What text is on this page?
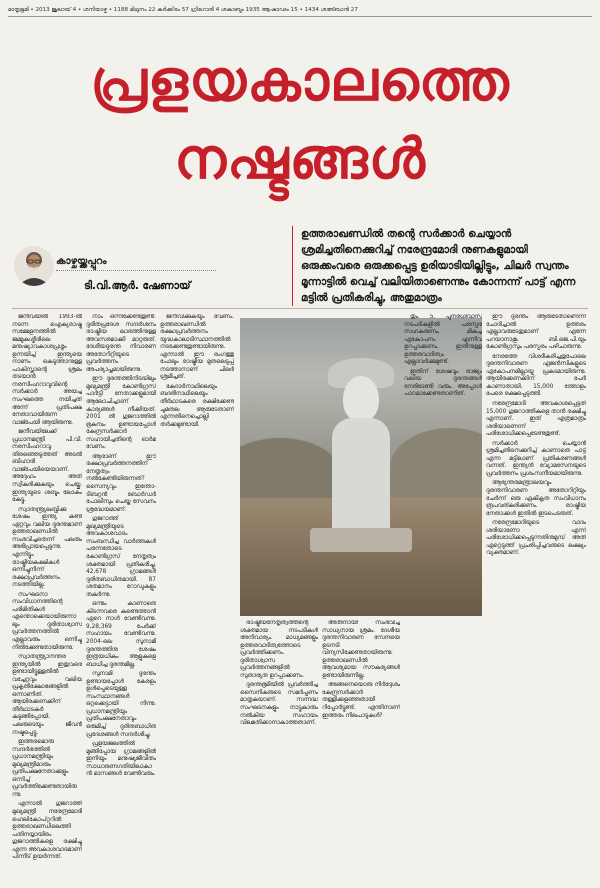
മാതൃഭൂമി • 2013 ജൂലായ് 4 • ശനിയാഴ്ച • 1188 മിഥുനം 22 കർക്കിടം 57 ഗ്രിഗോരി 4 ശകാബ്ദം 1935 ആഷാഢം 15 • 1434 ശഅ്ബാൻ 27
പ്രളയകാലത്തെ
നഷ്ടങ്ങൾ
ഉത്തരാഖണ്ഡിൽ തന്റെ സർക്കാർ ചെയ്യാൻ ശ്രമിച്ചതിനെക്കുറിച്ച് നരേന്ദ്രമോദി നുണകളുമായി ഒരുക്കംവരെ ഒരുക്കപ്പെട്ട ഉരിയാടിയില്ലിട്ടും, ചിലർ സ്വന്തം മൂന്നാട്ടിൽ വെച്ച് വലിയിതാണെന്നും കോന്നന്ന് പാട്ട് എന്ന മട്ടിൽ പ്രതികരിച്ചു, അതുമാത്രം
കാഴ്ചയ്ക്കപ്പുറം
ടി.വി.ആർ. ഷേണായ്

ജനീവയിൽ 1993-ൽ നടന്ന ഐക്യരാഷ്ട്ര സമ്മേളനത്തിൽ ജമ്മുകശ്മീരിലെ മനുഷ്യാവകാശപ്രശ്നം ഉന്നയിച്ച് ഇന്ത്യയെ നാണം കെടുത്താനുള്ള പാകിസ്താന്റെ ശ്രമം തടയാൻ നരസിംഹറാവുവിന്റെ സർക്കാർ അയച്ച സംഘത്തെ നയിച്ചത് അന്ന് പ്രതിപക്ഷ നേതാവായിരുന്ന വാജ്പേയി ആയിരുന്നു.

ജനീവയിലേക്ക് പ്രധാനമന്ത്രി പി.വി. നരസിംഹറാവു തിരഞ്ഞെടുത്തത് അടൽ ബിഹാരി വാജ്പേയിയെയാണ്. അദ്ദേഹം അത് സ്വീകരിക്കുകയും ചെയ്തു. ഇന്ത്യയുടെ ശബ്ദം ലോകം കേട്ടു.

സ്വാതന്ത്ര്യലബ്ധിക്കു ശേഷം ഇന്ത്യ കണ്ട ഏറ്റവും വലിയ ദുരന്തമാണ് ഉത്തരാഖണ്ഡിൽ സംഭവിച്ചതെന്ന് പലരും അഭിപ്രായപ്പെടുന്നു. എന്നിട്ടും രാഷ്ട്രീയകക്ഷികൾ ഒന്നിച്ചുനിന്ന് രക്ഷാപ്രവർത്തനം നടത്തിയില്ല.

സംഘടനാ സംവിധാനത്തിന്റെ പരിമിതികൾ എന്തൊക്കെയായിരുന്നാലും ദുരിതാശ്വാസ പ്രവർത്തനത്തിൽ എല്ലാവരും ഒന്നിച്ചു നിൽക്കേണ്ടതായിരുന്നു.

സ്വാതന്ത്ര്യാനന്തര ഇന്ത്യയിൽ ഇതുവരെ ഉണ്ടായിട്ടുള്ളതിൽ വച്ചേറ്റവും വലിയ പ്രകൃതിക്ഷോഭങ്ങളിൽ ഒന്നാണിത്. ആയിരക്കണക്കിന് തീർഥാടകർ കുടുങ്ങിപ്പോയി. പലരുടെയും ജീവൻ നഷ്ടപ്പെട്ടു.

ഇത്തരമൊരു സന്ദർഭത്തിൽ പ്രധാനമന്ത്രിയും മുഖ്യമന്ത്രിമാരും പ്രതിപക്ഷനേതാക്കളും ഒന്നിച്ച് പ്രവർത്തിക്കേണ്ടതായിരുന്നു.

എന്നാൽ ഗുജറാത്ത് മുഖ്യമന്ത്രി നരേന്ദ്രമോദി ഹെലികോപ്റ്ററിൽ ഉത്തരാഖണ്ഡിലെത്തി പതിനയ്യായിരം ഗുജറാത്തികളെ രക്ഷിച്ചു എന്ന അവകാശവാദമാണ് പിന്നീട് ഉയർന്നത്.

നാം ഒന്നിക്കേണ്ടതുണ്ട്. ദുരിതപ്രദേശ സന്ദർശനം രാഷ്ട്രീയ ലാഭത്തിനുള്ള അവസരമാക്കി മാറ്റരുത്. ദേശീയദുരന്ത നിവാരണ അതോറിറ്റിയുടെ പ്രവർത്തനം അപര്യാപ്തമായിരുന്നു.

ഈ ദുരന്തത്തിനിടയിലും മുഖ്യമന്ത്രി കോൺഗ്രസ് പാർട്ടി നേതാക്കളുമായി ആലോചിച്ചാണ് കാര്യങ്ങൾ നീക്കിയത്. 2001 ൽ ഗുജറാത്തിൽ ഭൂകമ്പം ഉണ്ടായപ്പോൾ കേന്ദ്രസർക്കാർ സഹായിച്ചതിന്റെ ഓർമ വേണം.

ആരാണ് ഈ രക്ഷാപ്രവർത്തനത്തിന് നേതൃത്വം നൽകേണ്ടിയിരുന്നത്? സൈന്യവും ഇന്തോ-ടിബറ്റൻ ബോർഡർ പോലീസും ചെയ്ത സേവനം ശ്രദ്ധേയമാണ്.

ഗുജറാത്ത് മുഖ്യമന്ത്രിയുടെ അവകാശവാദം സംബന്ധിച്ച വാർത്തകൾ പരന്നതോടെ കോൺഗ്രസ് നേതൃത്വം ശക്തമായി പ്രതികരിച്ചു. 42,678 ഗ്രാമങ്ങൾ ദുരിതബാധിതമായി. 87 ശതമാനം റോഡുകളും തകർന്നു.

ഒന്നും കാണാതെ കിടന്നവരെ കണ്ടെത്താൻ ഏറെ നാൾ വേണ്ടിവന്നു. 9,28,369 പേർക്ക് സഹായം വേണ്ടിവന്നു. 2004-ലെ സുനാമി ദുരന്തത്തിനു ശേഷം ഇത്രയധികം ആളുകളെ ബാധിച്ച ദുരന്തമില്ല.

സുനാമി ദുരന്തം ഉണ്ടായപ്പോൾ കേരളം ഉൾപ്പെടെയുള്ള സംസ്ഥാനങ്ങൾ ഒറ്റക്കെട്ടായി നിന്നു. പ്രധാനമന്ത്രിയും പ്രതിപക്ഷനേതാവും ഒരുമിച്ച് ദുരിതബാധിത പ്രദേശങ്ങൾ സന്ദർശിച്ചു.

പ്രളയജലത്തിൽ മുങ്ങിപ്പോയ ഗ്രാമങ്ങളിൽ ഇനിയും മനുഷ്യജീവിതം സാധാരണഗതിയിലാകാൻ മാസങ്ങൾ വേണ്ടിവരും.

ജനീവിക്കുകയും വേണം. ഉത്തരാഖണ്ഡിൽ രക്ഷാപ്രവർത്തനം യുദ്ധകാലാടിസ്ഥാനത്തിൽ നടക്കേണ്ടതുണ്ടായിരുന്നു. എന്നാൽ ഈ രംഗത്തു പോലും രാഷ്ട്രീയ മുതലെടുപ്പ് നടത്താനാണ് ചിലർ ശ്രമിച്ചത്.

കേദാർനാഥിലെയും ബദരീനാഥിലെയും തീർഥാടകരെ രക്ഷിക്കേണ്ട ചുമതല ആരുടേതാണ് എന്നതിനെച്ചൊല്ലി തർക്കമുണ്ടായി.

രാഷ്ട്രീയനേതൃത്വത്തിന്റെ ശക്തമായ നടപടികൾ അനിവാര്യം. മാധ്യമങ്ങളും ഉത്തരവാദിത്വത്തോടെ പ്രവർത്തിക്കണം. ദുരിതാശ്വാസ പ്രവർത്തനങ്ങളിൽ സുതാര്യത ഉറപ്പാക്കണം.

ദുരന്തഭൂമിയിൽ പ്രവർത്തിച്ച സൈനികരുടെ സമർപ്പണം മാതൃകയാണ്. സന്നദ്ധ സംഘടനകളും നാട്ടുകാരും നൽകിയ സഹായം വിലമതിക്കാനാകാത്തതാണ്.

അതിനായി സംഭവിച്ച സാധ്യനായ ശ്രമം. ദേശീയ ദുരന്തനിവാരണ സേനയെ ഉടനടി വിന്യസിക്കേണ്ടതായിരുന്നു. ഉത്തരാഖണ്ഡിൽ ആവശ്യമായ സൗകര്യങ്ങൾ ഉണ്ടായിരുന്നില്ല.

അങ്ങനെയൊരു നിർദ്ദേശം കേന്ദ്രസർക്കാർ തള്ളിക്കളഞ്ഞതായി റിപ്പോർട്ടുണ്ട്. എന്തിനാണ് ഇത്തരം നിലപാടുകൾ?

തും. 5. പുനരധിവാസ നടപടികളിൽ പരസ്പര സഹകരണം, മികച്ച ഏകോപനം എന്നിവ ഉറപ്പാക്കണം. ഇതിനുള്ള ഉത്തരവാദിത്വം എല്ലാവർക്കുമുണ്ട്.

ഇതിന് ശേഷവും രാജ്യം വലിയ ദുരന്തങ്ങൾ നേരിടേണ്ടി വരും. അപ്പോൾ പാഠമാക്കേണ്ടതാണിത്.

ഈ ദുരന്തം ആരുടേതാണെന്ന് ചോദിച്ചാൽ ഉത്തരം എല്ലാവരുടേതുമാണ് എന്നേ പറയാനാകൂ. ബി.ജെ.പി.യും കോൺഗ്രസും പരസ്പരം പഴിചാരുന്നു.

നേരത്തേ വിശദീകരിച്ചതുപോലെ ദുരന്തനിവാരണ ഏജൻസികളുടെ ഏകോപനമില്ലായ്മ പ്രകടമായിരുന്നു. ആയിരക്കണക്കിന് പേർ കാണാതായി. 15,000 ത്തോളം പേരെ രക്ഷപ്പെടുത്തി.

നരേന്ദ്രമോദി അവകാശപ്പെട്ടത് 15,000 ഗുജറാത്തികളെ താൻ രക്ഷിച്ചു എന്നാണ്. ഇത് എത്രമാത്രം ശരിയാണെന്ന് പരിശോധിക്കപ്പെടേണ്ടതുണ്ട്.

സർക്കാർ ചെയ്യാൻ ശ്രമിച്ചതിനെക്കുറിച്ച് കാണാതെ പാട്ട് എന്ന മട്ടിലാണ് പ്രതികരണങ്ങൾ വന്നത്. ഇന്ത്യൻ വ്യോമസേനയുടെ പ്രവർത്തനം പ്രശംസനീയമായിരുന്നു.

ആഭ്യന്തരമന്ത്രാലയവും ദുരന്തനിവാരണ അതോറിറ്റിയും ചേർന്ന് ഒരു ഏകീകൃത സംവിധാനം രൂപവത്കരിക്കണം. രാഷ്ട്രീയ നേതാക്കൾ ഇതിൽ ഇടപെടരുത്.

നരേന്ദ്രമോദിയുടെ വാദം ശരിയാണോ എന്ന് പരിശോധിക്കപ്പെടുന്നതിനുമുമ്പ് അത് ഏറ്റെടുത്ത് പ്രചരിപ്പിച്ചവരുടെ ലക്ഷ്യം വ്യക്തമാണ്.
